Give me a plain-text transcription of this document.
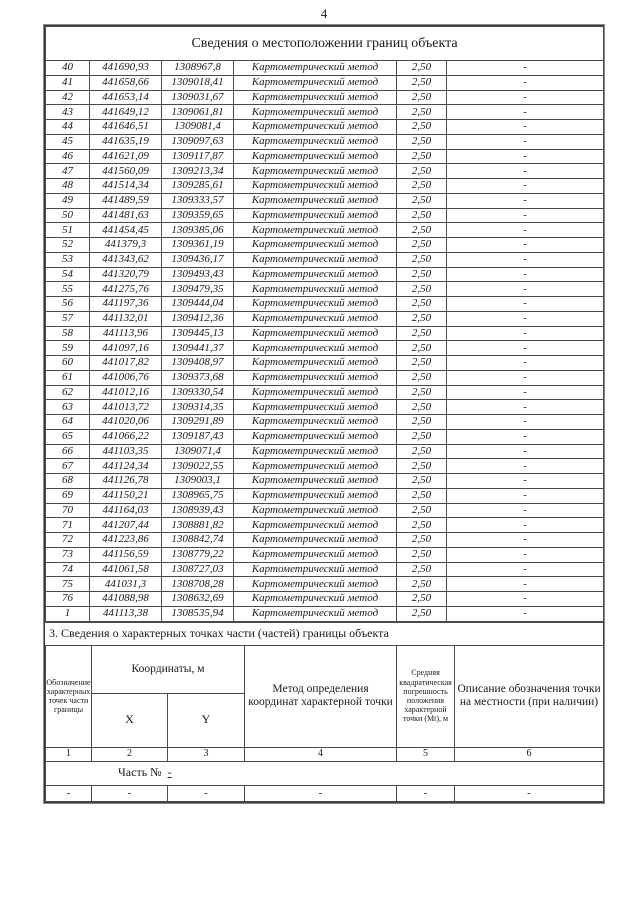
4
Сведения о местоположении границ объекта					
40	441690,93	1308967,8	Картометрический метод	2,50	-
41	441658,66	1309018,41	Картометрический метод	2,50	-
42	441653,14	1309031,67	Картометрический метод	2,50	-
43	441649,12	1309061,81	Картометрический метод	2,50	-
44	441646,51	1309081,4	Картометрический метод	2,50	-
45	441635,19	1309097,63	Картометрический метод	2,50	-
46	441621,09	1309117,87	Картометрический метод	2,50	-
47	441560,09	1309213,34	Картометрический метод	2,50	-
48	441514,34	1309285,61	Картометрический метод	2,50	-
49	441489,59	1309333,57	Картометрический метод	2,50	-
50	441481,63	1309359,65	Картометрический метод	2,50	-
51	441454,45	1309385,06	Картометрический метод	2,50	-
52	441379,3	1309361,19	Картометрический метод	2,50	-
53	441343,62	1309436,17	Картометрический метод	2,50	-
54	441320,79	1309493,43	Картометрический метод	2,50	-
55	441275,76	1309479,35	Картометрический метод	2,50	-
56	441197,36	1309444,04	Картометрический метод	2,50	-
57	441132,01	1309412,36	Картометрический метод	2,50	-
58	441113,96	1309445,13	Картометрический метод	2,50	-
59	441097,16	1309441,37	Картометрический метод	2,50	-
60	441017,82	1309408,97	Картометрический метод	2,50	-
61	441006,76	1309373,68	Картометрический метод	2,50	-
62	441012,16	1309330,54	Картометрический метод	2,50	-
63	441013,72	1309314,35	Картометрический метод	2,50	-
64	441020,06	1309291,89	Картометрический метод	2,50	-
65	441066,22	1309187,43	Картометрический метод	2,50	-
66	441103,35	1309071,4	Картометрический метод	2,50	-
67	441124,34	1309022,55	Картометрический метод	2,50	-
68	441126,78	1309003,1	Картометрический метод	2,50	-
69	441150,21	1308965,75	Картометрический метод	2,50	-
70	441164,03	1308939,43	Картометрический метод	2,50	-
71	441207,44	1308881,82	Картометрический метод	2,50	-
72	441223,86	1308842,74	Картометрический метод	2,50	-
73	441156,59	1308779,22	Картометрический метод	2,50	-
74	441061,58	1308727,03	Картометрический метод	2,50	-
75	441031,3	1308708,28	Картометрический метод	2,50	-
76	441088,98	1308632,69	Картометрический метод	2,50	-
1	441113,38	1308535,94	Картометрический метод	2,50	-
3. Сведения о характерных точках части (частей) границы объекта
Обозначение характерных точек части границы	Координаты, м		Метод определения координат характерной точки	Средняя квадратическая погрешность положения характерной точки (Mt), м	Описание обозначения точки на местности (при наличии)
	X	Y			
1	2	3	4	5	6
Часть № -					
-	-	-	-	-	-
